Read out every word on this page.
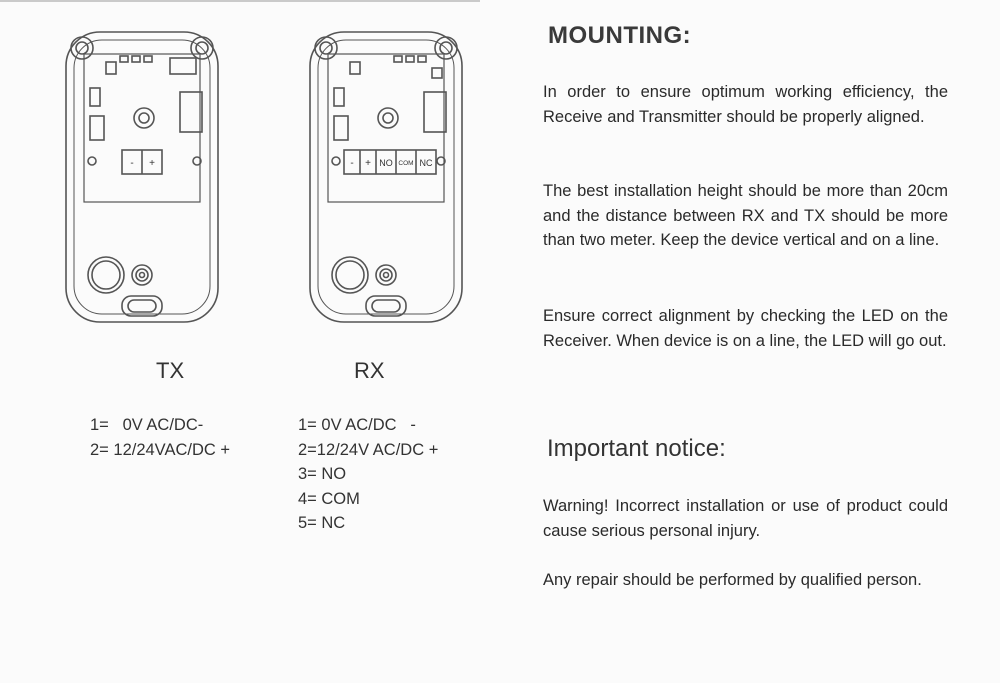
- +	- + NO COM NC
TX	RX
1=   0V AC/DC-
2= 12/24VAC/DC +
1= 0V AC/DC   -
2=12/24V AC/DC +
3= NO
4= COM
5= NC
MOUNTING:
In order to ensure optimum working efficiency, the Receive and Transmitter should be properly aligned.
The best installation height should be more than 20cm and the distance between RX and TX should be more than two meter. Keep the device vertical and on a line.
Ensure correct alignment by checking the LED on the Receiver. When device is on a line, the LED will go out.
Important notice:
Warning! Incorrect installation or use of product could cause serious personal injury.
Any repair should be performed by qualified person.
